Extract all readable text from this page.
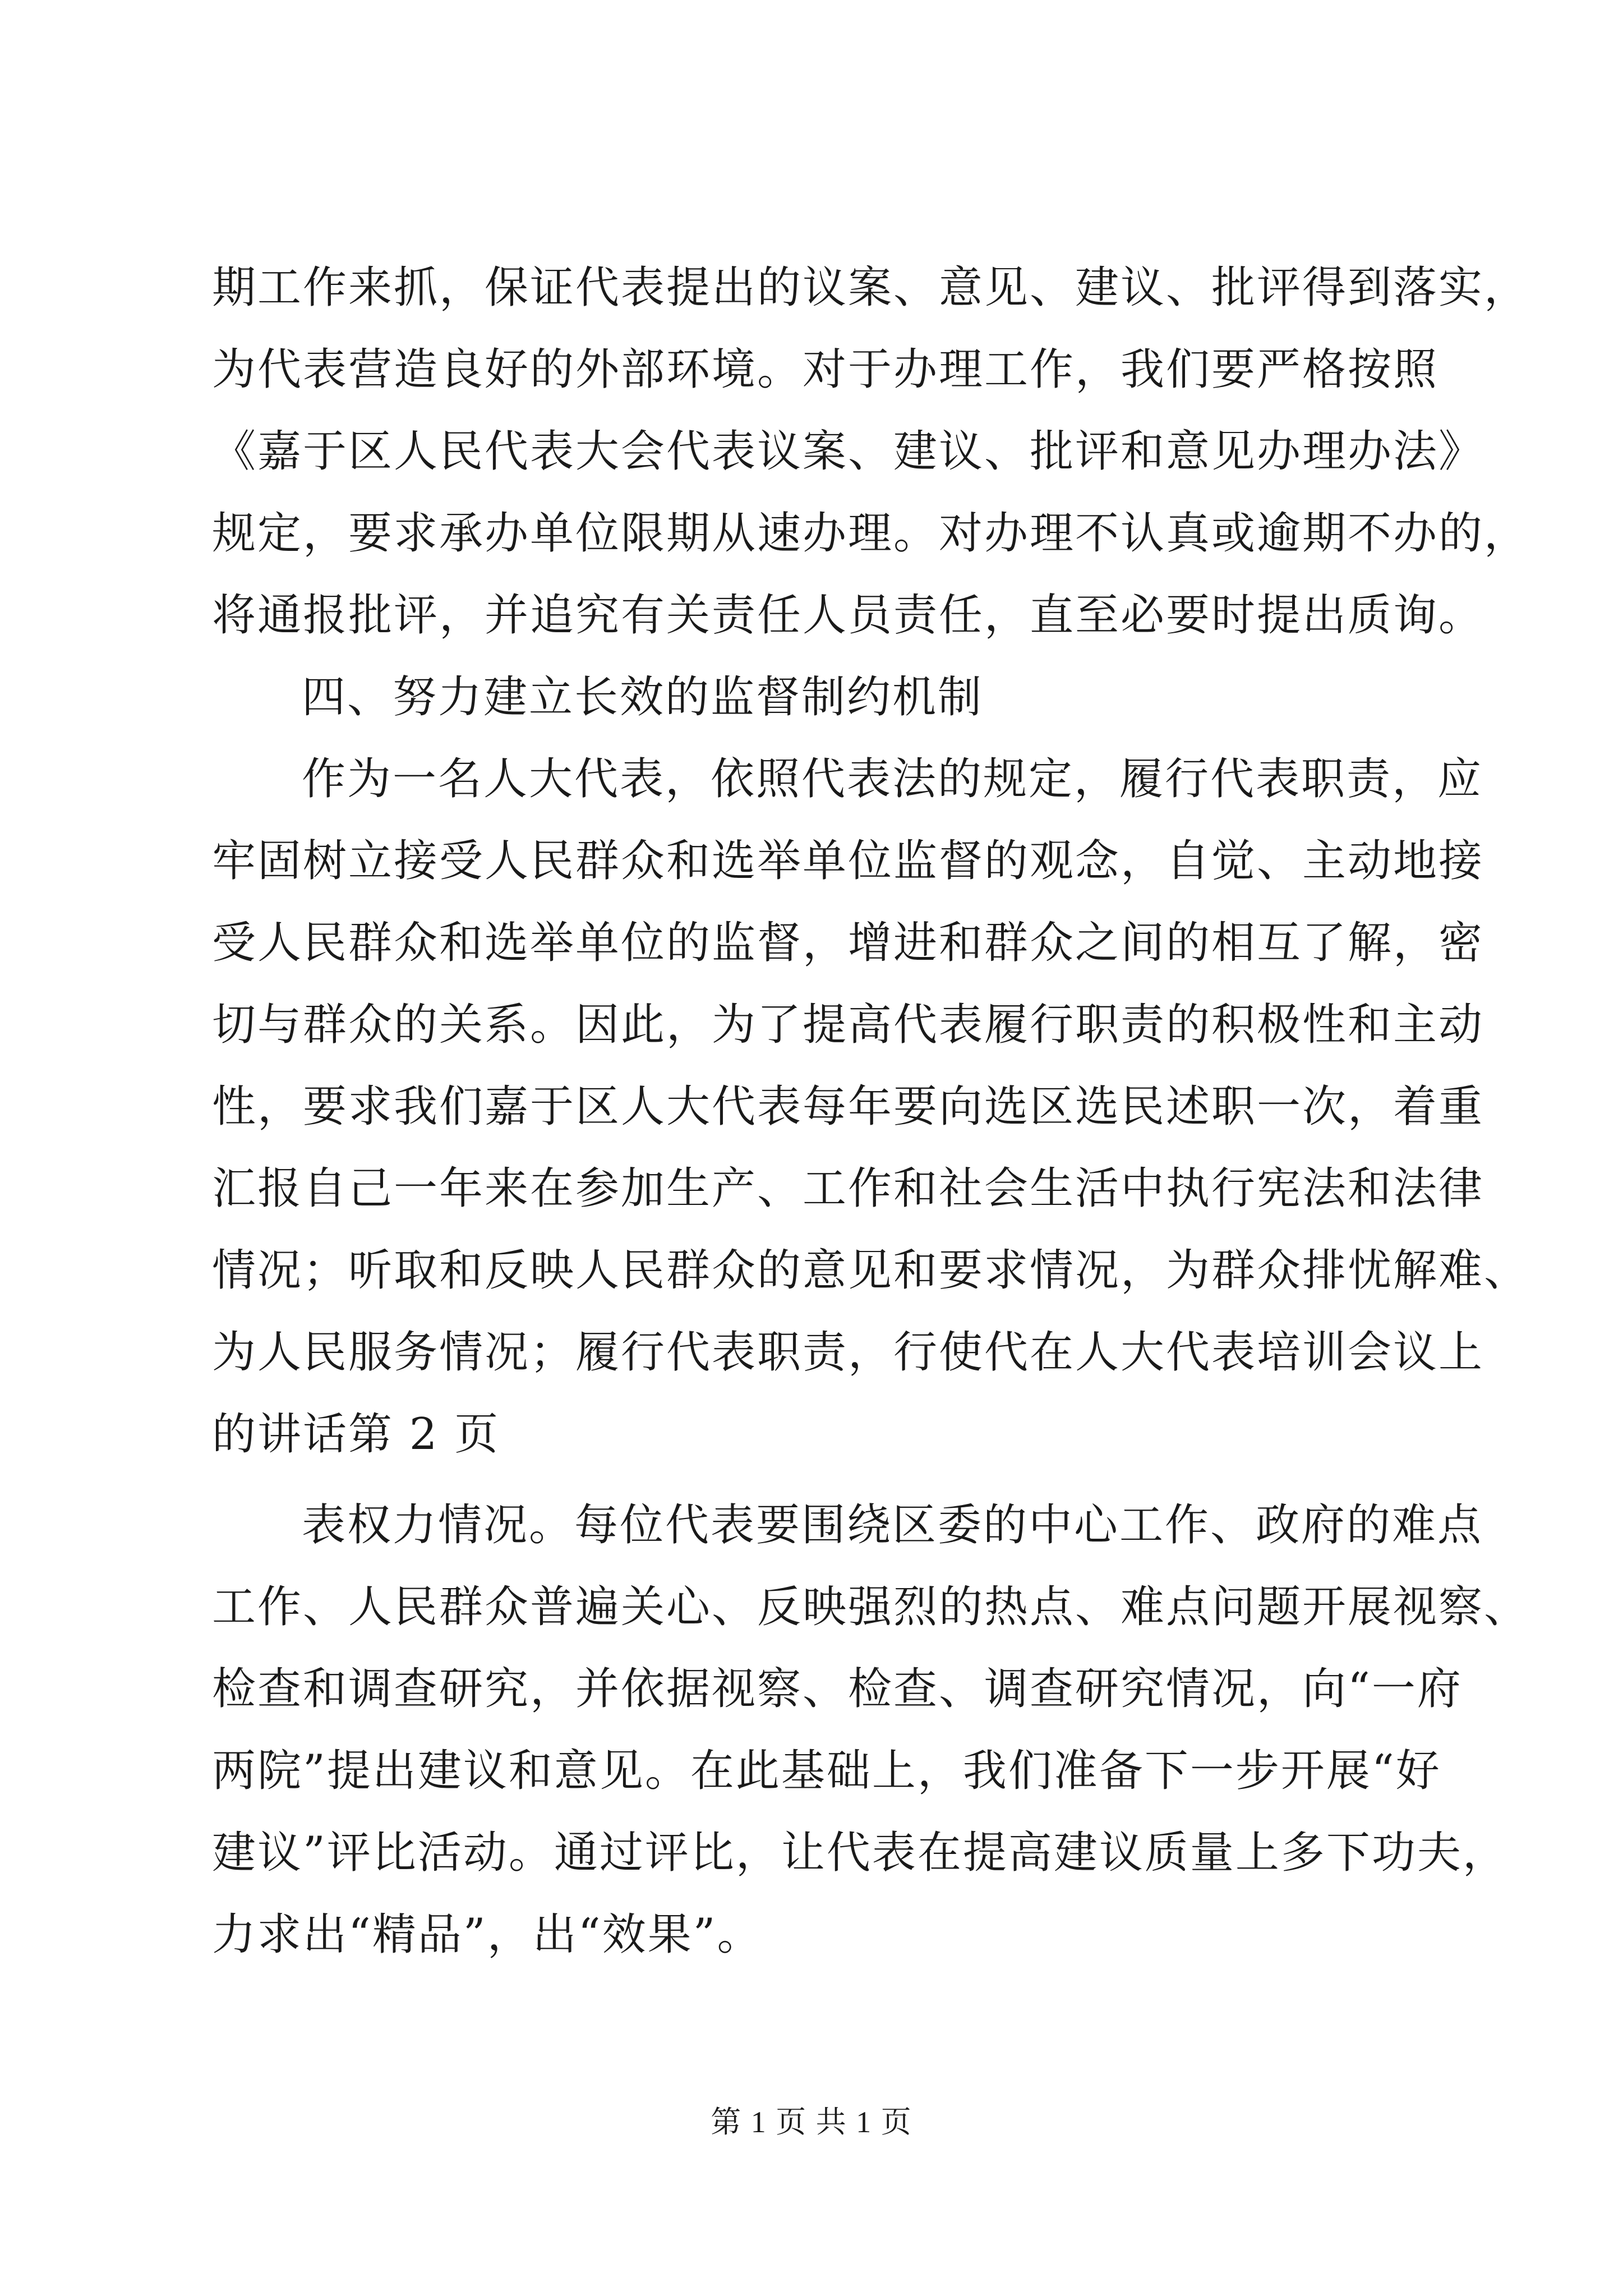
期工作来抓，保证代表提出的议案、意见、建议、批评得到落实，
为代表营造良好的外部环境。对于办理工作，我们要严格按照
《嘉于区人民代表大会代表议案、建议、批评和意见办理办法》
规定，要求承办单位限期从速办理。对办理不认真或逾期不办的，
将通报批评，并追究有关责任人员责任，直至必要时提出质询。
四、努力建立长效的监督制约机制
作为一名人大代表，依照代表法的规定，履行代表职责，应
牢固树立接受人民群众和选举单位监督的观念，自觉、主动地接
受人民群众和选举单位的监督，增进和群众之间的相互了解，密
切与群众的关系。因此，为了提高代表履行职责的积极性和主动
性，要求我们嘉于区人大代表每年要向选区选民述职一次，着重
汇报自己一年来在参加生产、工作和社会生活中执行宪法和法律
情况；听取和反映人民群众的意见和要求情况，为群众排忧解难、
为人民服务情况；履行代表职责，行使代在人大代表培训会议上
的讲话第 2 页
表权力情况。每位代表要围绕区委的中心工作、政府的难点
工作、人民群众普遍关心、反映强烈的热点、难点问题开展视察、
检查和调查研究，并依据视察、检查、调查研究情况，向“一府
两院”提出建议和意见。在此基础上，我们准备下一步开展“好
建议”评比活动。通过评比，让代表在提高建议质量上多下功夫，
力求出“精品”，出“效果”。
第 1 页 共 1 页
